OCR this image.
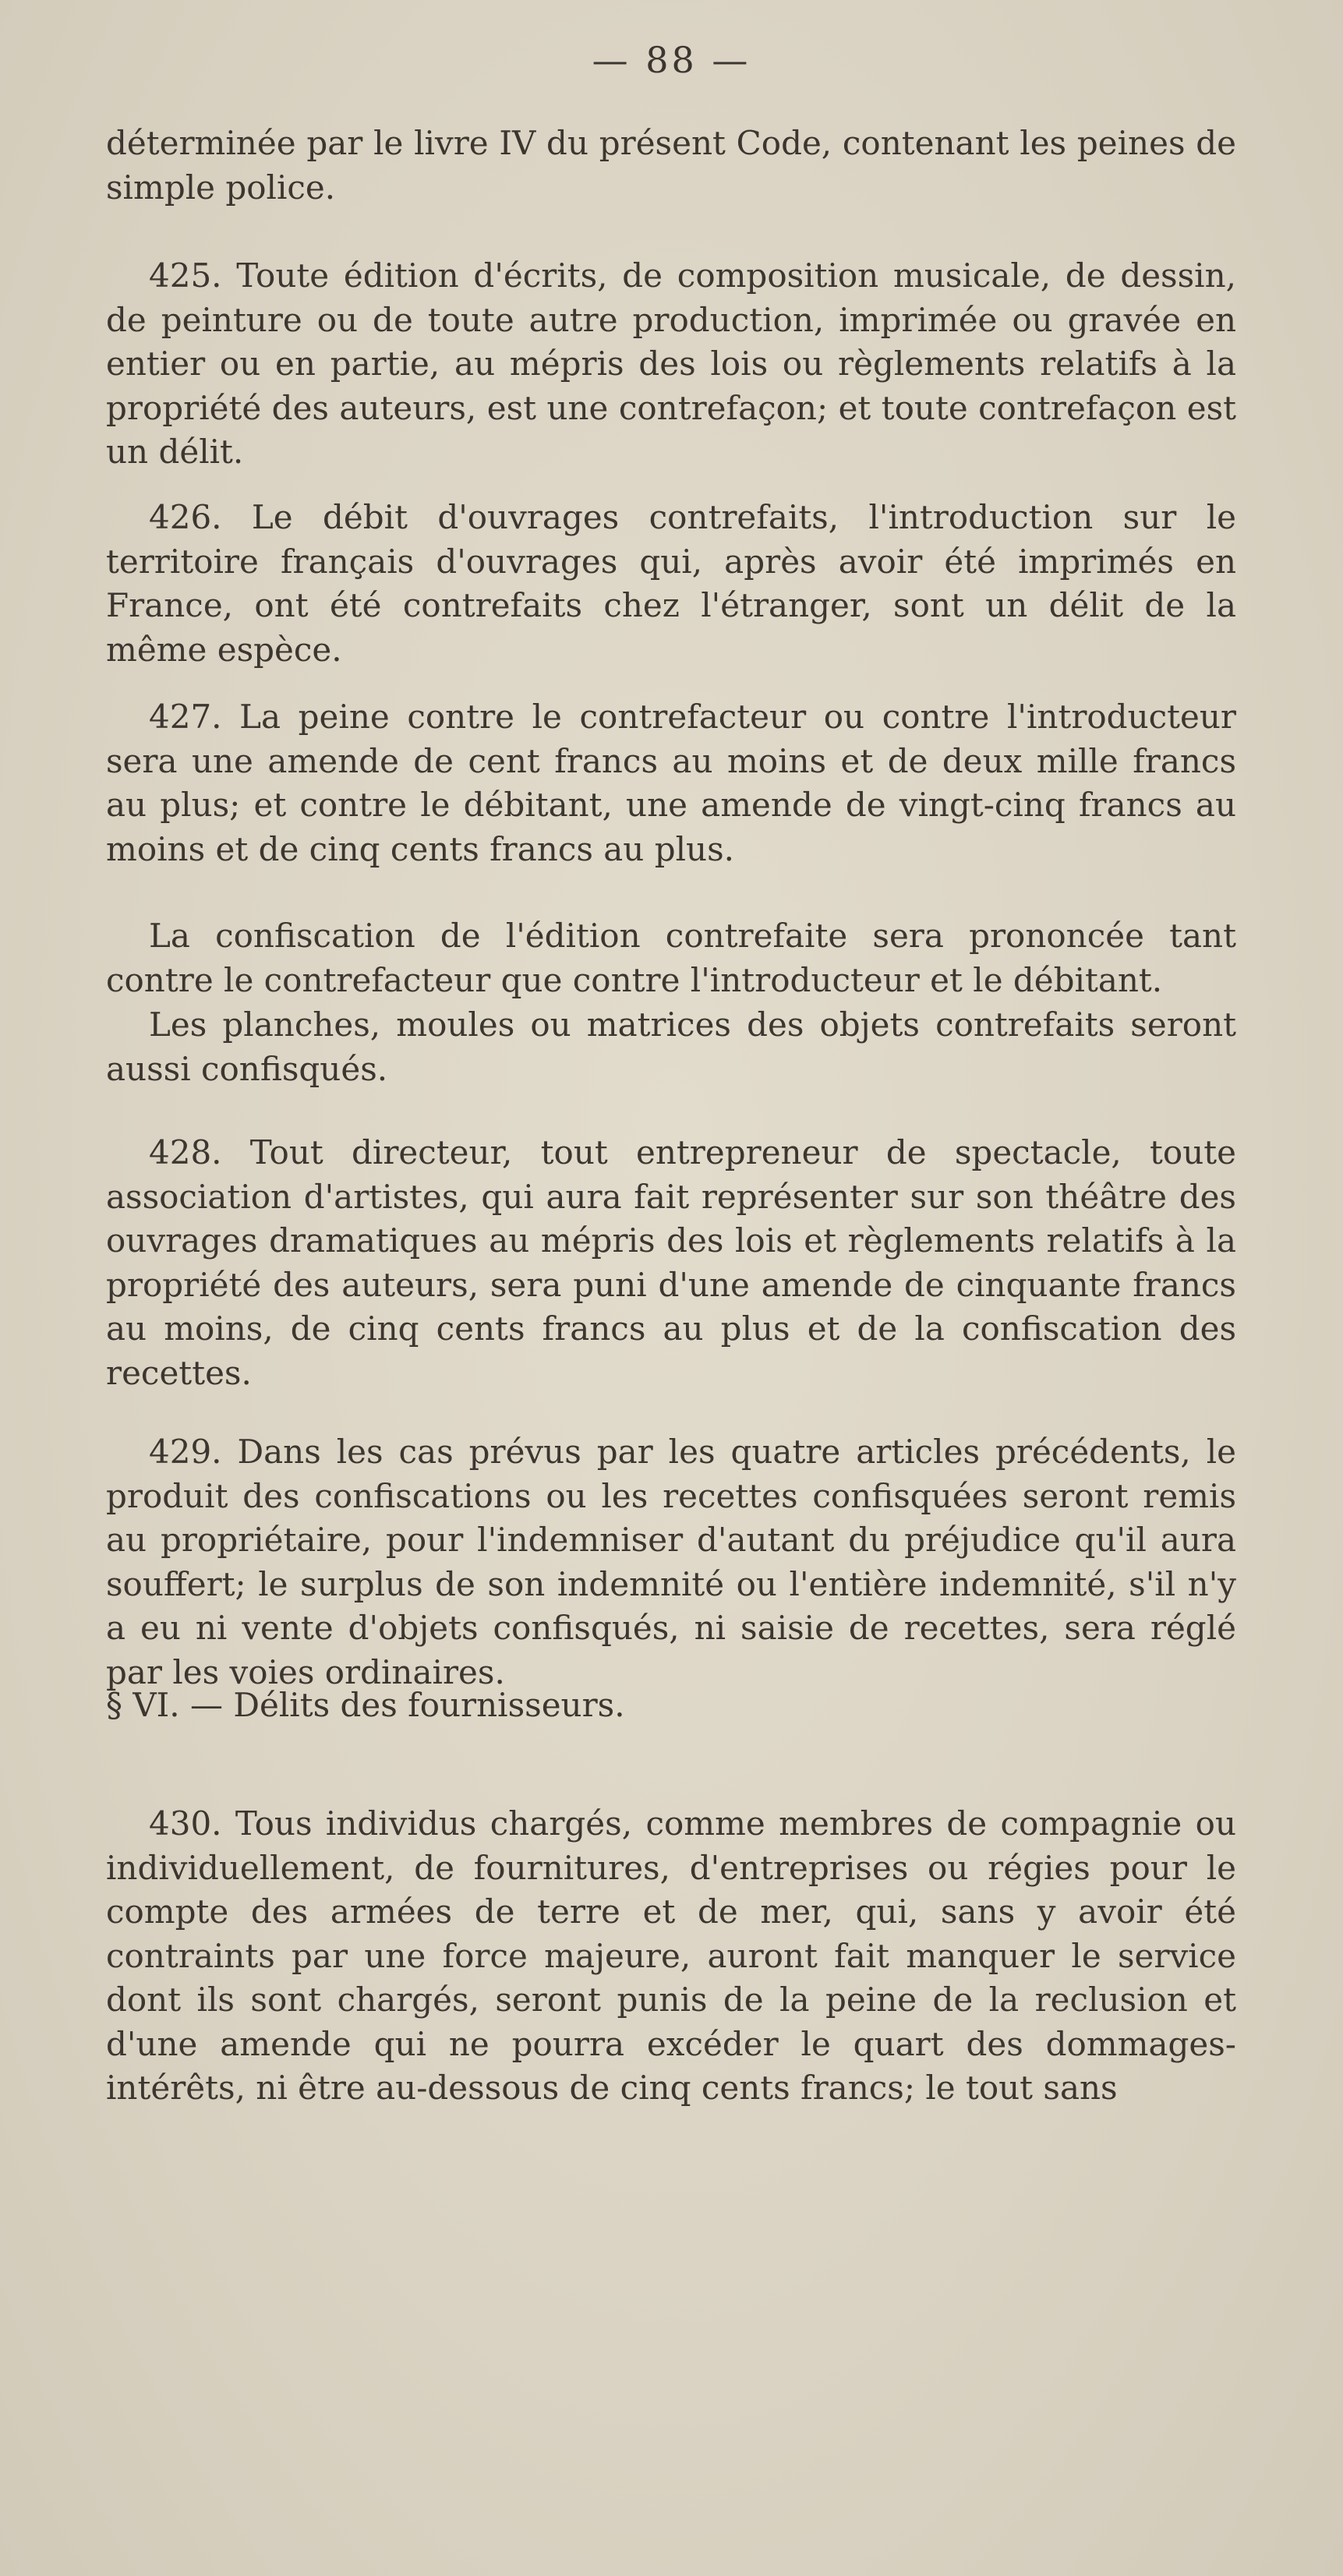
— 88 —

déterminée par le livre IV du présent Code, contenant les peines de simple police.

425. Toute édition d'écrits, de composition musicale, de dessin, de peinture ou de toute autre production, imprimée ou gravée en entier ou en partie, au mépris des lois ou règlements relatifs à la propriété des auteurs, est une contrefaçon; et toute contrefaçon est un délit.

426. Le débit d'ouvrages contrefaits, l'introduction sur le territoire français d'ouvrages qui, après avoir été imprimés en France, ont été contrefaits chez l'étranger, sont un délit de la même espèce.

427. La peine contre le contrefacteur ou contre l'introducteur sera une amende de cent francs au moins et de deux mille francs au plus; et contre le débitant, une amende de vingt-cinq francs au moins et de cinq cents francs au plus.

La confiscation de l'édition contrefaite sera prononcée tant contre le contrefacteur que contre l'introducteur et le débitant.

Les planches, moules ou matrices des objets contrefaits seront aussi confisqués.

428. Tout directeur, tout entrepreneur de spectacle, toute association d'artistes, qui aura fait représenter sur son théâtre des ouvrages dramatiques au mépris des lois et règlements relatifs à la propriété des auteurs, sera puni d'une amende de cinquante francs au moins, de cinq cents francs au plus et de la confiscation des recettes.

429. Dans les cas prévus par les quatre articles précédents, le produit des confiscations ou les recettes confisquées seront remis au propriétaire, pour l'indemniser d'autant du préjudice qu'il aura souffert; le surplus de son indemnité ou l'entière indemnité, s'il n'y a eu ni vente d'objets confisqués, ni saisie de recettes, sera réglé par les voies ordinaires.

§ VI. — Délits des fournisseurs.

430. Tous individus chargés, comme membres de compagnie ou individuellement, de fournitures, d'entreprises ou régies pour le compte des armées de terre et de mer, qui, sans y avoir été contraints par une force majeure, auront fait manquer le service dont ils sont chargés, seront punis de la peine de la reclusion et d'une amende qui ne pourra excéder le quart des dommages-intérêts, ni être au-dessous de cinq cents francs; le tout sans
